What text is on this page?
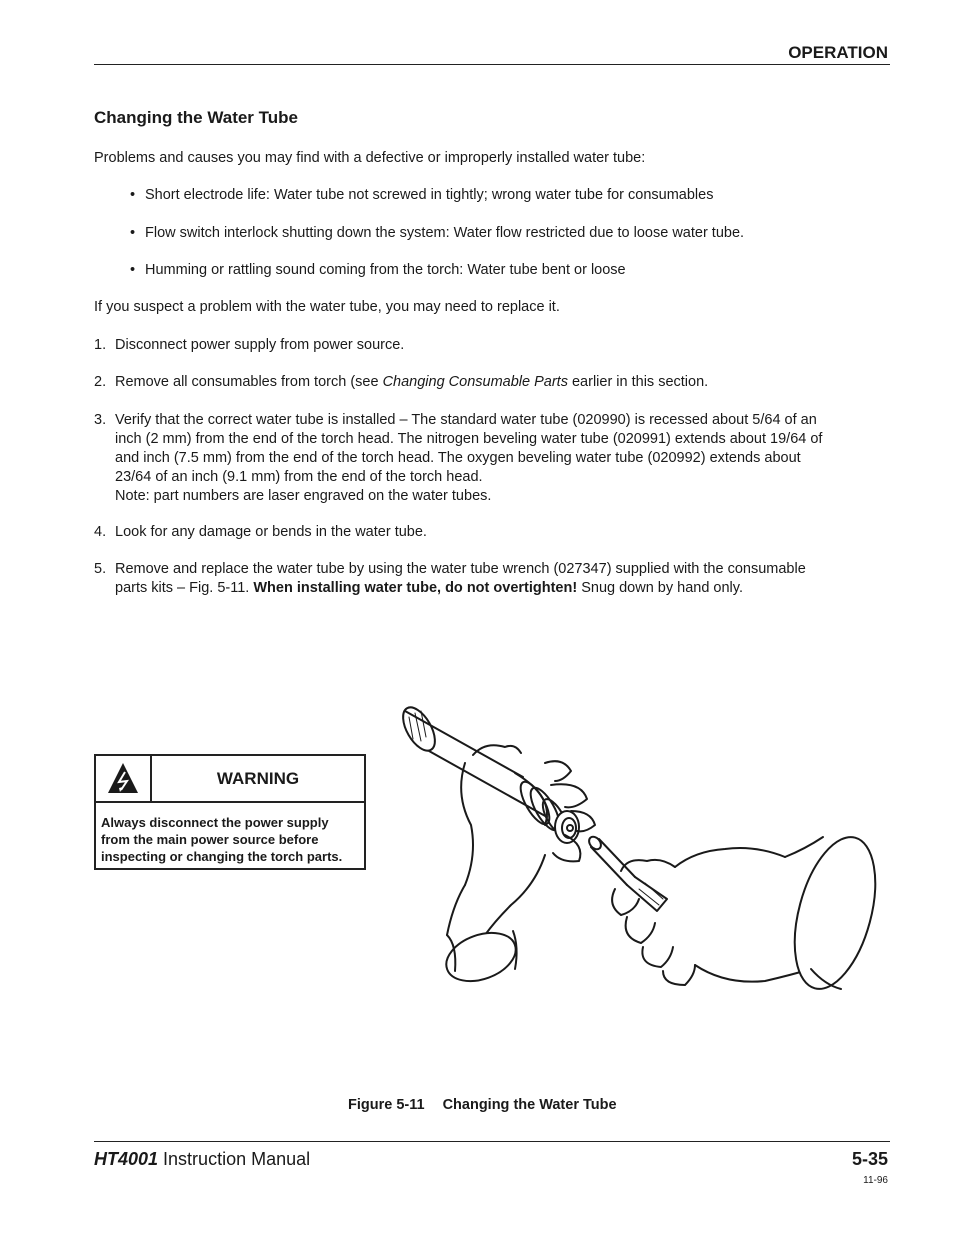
OPERATION
Changing the Water Tube
Problems and causes you may find with a defective or improperly installed water tube:
• Short electrode life: Water tube not screwed in tightly; wrong water tube for consumables
• Flow switch interlock shutting down the system: Water flow restricted due to loose water tube.
• Humming or rattling sound coming from the torch: Water tube bent or loose
If you suspect a problem with the water tube, you may need to replace it.
1. Disconnect power supply from power source.
2. Remove all consumables from torch (see Changing Consumable Parts earlier in this section.
3. Verify that the correct water tube is installed – The standard water tube (020990) is recessed about 5/64 of an
inch (2 mm) from the end of the torch head. The nitrogen beveling water tube (020991) extends about 19/64 of
and inch (7.5 mm) from the end of the torch head. The oxygen beveling water tube (020992) extends about
23/64 of an inch (9.1 mm) from the end of the torch head.
Note: part numbers are laser engraved on the water tubes.
4. Look for any damage or bends in the water tube.
5. Remove and replace the water tube by using the water tube wrench (027347) supplied with the consumable
parts kits – Fig. 5-11. When installing water tube, do not overtighten! Snug down by hand only.
WARNING
Always disconnect the power supply
from the main power source before
inspecting or changing the torch parts.
Figure 5-11 Changing the Water Tube
HT4001 Instruction Manual	5-35
11-96
